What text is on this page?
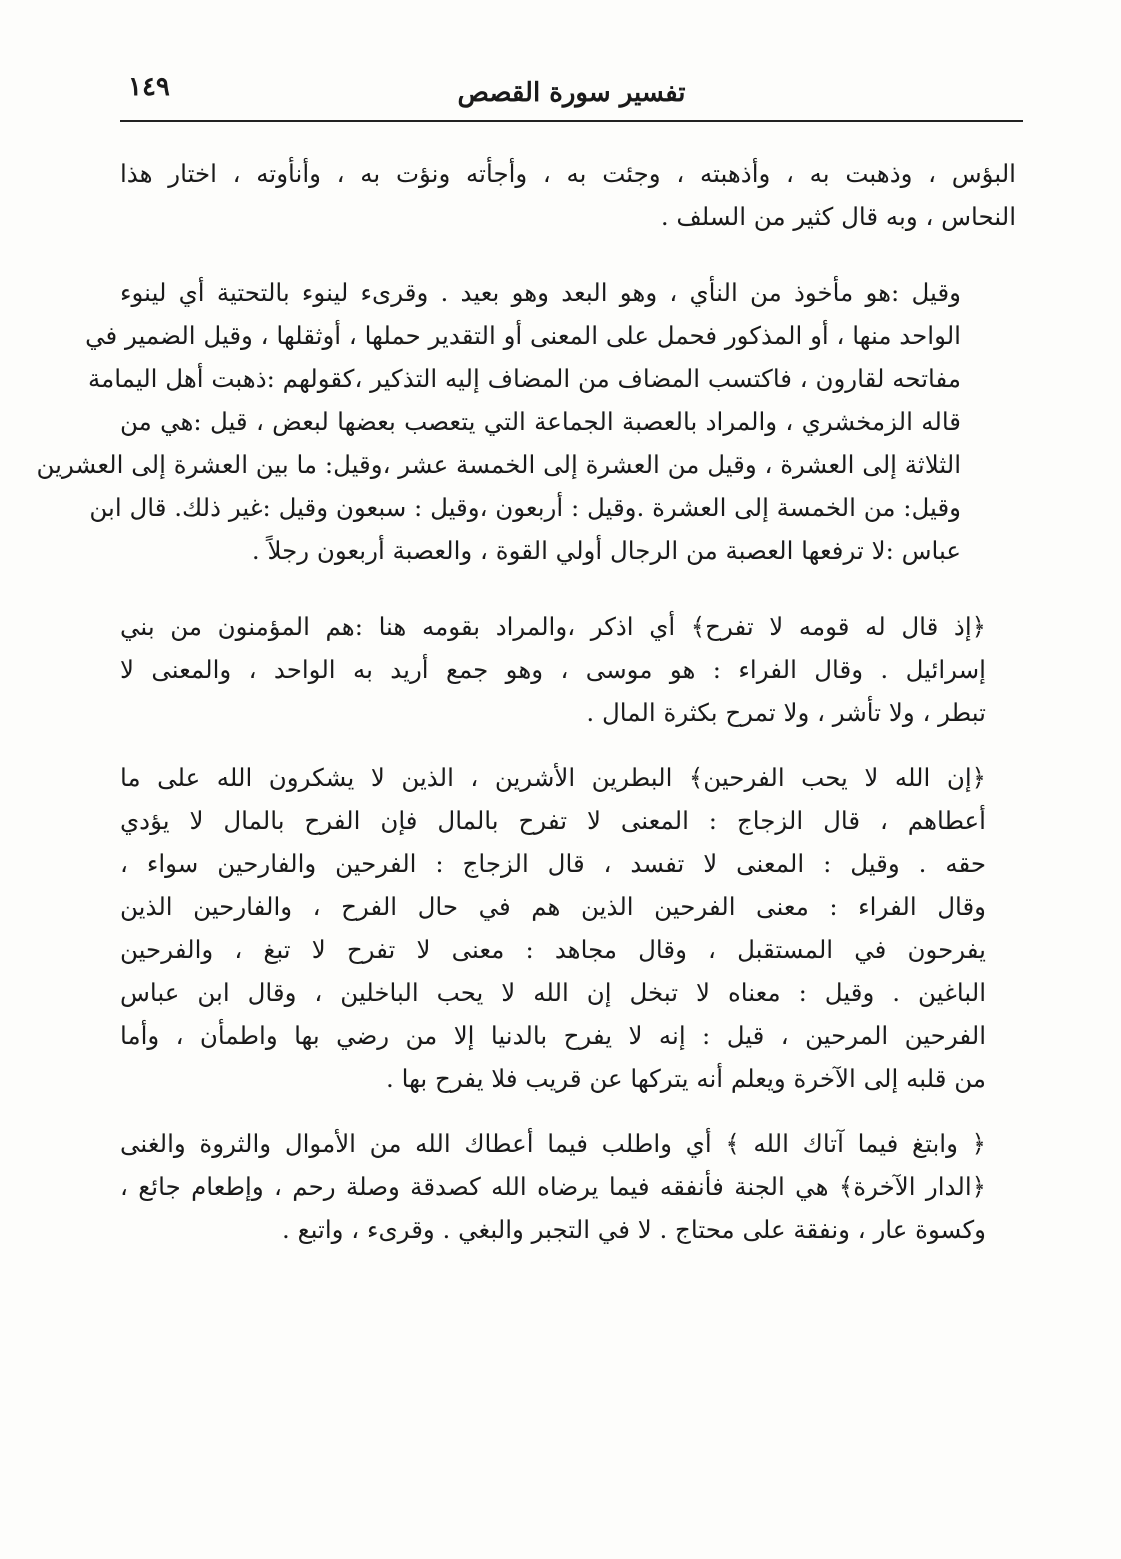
١٤٩	تفسير سورة القصص

البؤس ، وذهبت به ، وأذهبته ، وجئت به ، وأجأته ونؤت به ، وأنأوته ، اختار هذا
النحاس ، وبه قال كثير من السلف .

وقيل :هو مأخوذ من النأي ، وهو البعد وهو بعيد . وقرىء لينوء بالتحتية أي لينوء
الواحد منها ، أو المذكور فحمل على المعنى أو التقدير حملها ، أوثقلها ، وقيل الضمير في
مفاتحه لقارون ، فاكتسب المضاف من المضاف إليه التذكير ،كقولهم :ذهبت أهل اليمامة
قاله الزمخشري ، والمراد بالعصبة الجماعة التي يتعصب بعضها لبعض ، قيل :هي من
الثلاثة إلى العشرة ، وقيل من العشرة إلى الخمسة عشر ،وقيل: ما بين العشرة إلى العشرين
وقيل: من الخمسة إلى العشرة .وقيل : أربعون ،وقيل : سبعون وقيل :غير ذلك. قال ابن
عباس :لا ترفعها العصبة من الرجال أولي القوة ، والعصبة أربعون رجلاً .

﴿إذ قال له قومه لا تفرح﴾ أي اذكر ،والمراد بقومه هنا :هم المؤمنون من بني
إسرائيل . وقال الفراء : هو موسى ، وهو جمع أريد به الواحد ، والمعنى لا
تبطر ، ولا تأشر ، ولا تمرح بكثرة المال .

﴿إن الله لا يحب الفرحين﴾ البطرين الأشرين ، الذين لا يشكرون الله على ما
أعطاهم ، قال الزجاج : المعنى لا تفرح بالمال فإن الفرح بالمال لا يؤدي
حقه . وقيل : المعنى لا تفسد ، قال الزجاج : الفرحين والفارحين سواء ،
وقال الفراء : معنى الفرحين الذين هم في حال الفرح ، والفارحين الذين
يفرحون في المستقبل ، وقال مجاهد : معنى لا تفرح لا تبغ ، والفرحين
الباغين . وقيل : معناه لا تبخل إن الله لا يحب الباخلين ، وقال ابن عباس
الفرحين المرحين ، قيل : إنه لا يفرح بالدنيا إلا من رضي بها واطمأن ، وأما
من قلبه إلى الآخرة ويعلم أنه يتركها عن قريب فلا يفرح بها .

﴿ وابتغ فيما آتاك الله ﴾ أي واطلب فيما أعطاك الله من الأموال والثروة والغنى
﴿الدار الآخرة﴾ هي الجنة فأنفقه فيما يرضاه الله كصدقة وصلة رحم ، وإطعام جائع ،
وكسوة عار ، ونفقة على محتاج . لا في التجبر والبغي . وقرىء ، واتبع .
